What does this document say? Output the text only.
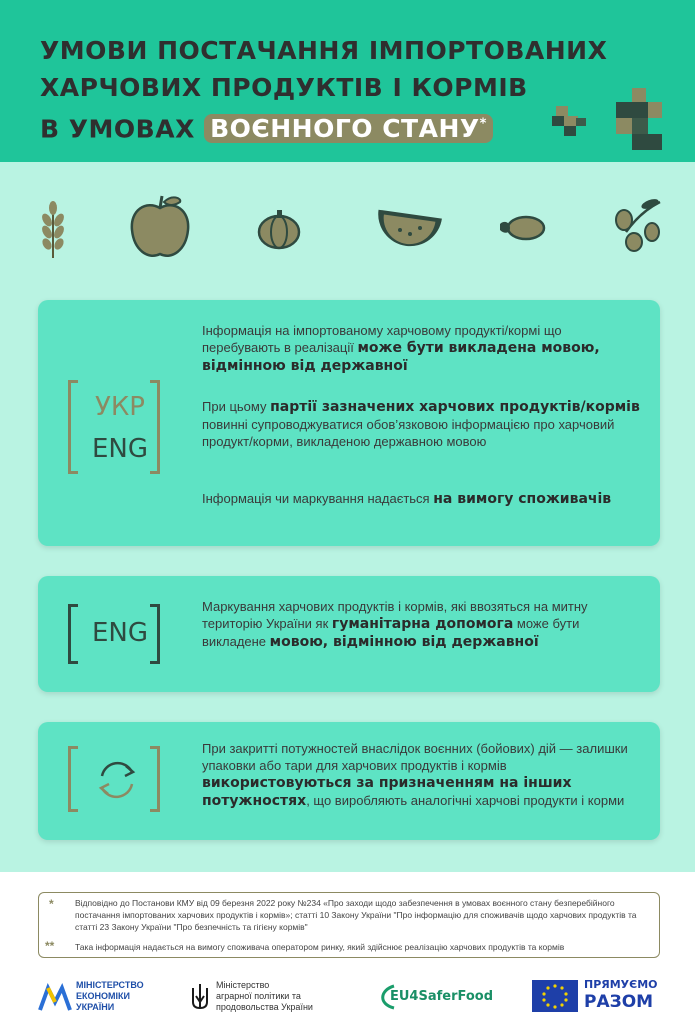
УМОВИ ПОСТАЧАННЯ ІМПОРТОВАНИХ
ХАРЧОВИХ ПРОДУКТІВ І КОРМІВ
В УМОВАХ ВОЄННОГО СТАНУ*
УКР
ENG

Інформація на імпортованому харчовому продукті/кормі що перебувають в реалізації може бути викладена мовою, відмінною від державної

При цьому партії зазначених харчових продуктів/кормів повинні супроводжуватися обов’язковою інформацією про харчовий продукт/корми, викладеною державною мовою

Інформація чи маркування надається на вимогу споживачів

ENG

Маркування харчових продуктів і кормів, які ввозяться на митну територію України як гуманітарна допомога може бути викладене мовою, відмінною від державної

При закритті потужностей внаслідок воєнних (бойових) дій — залишки упаковки або тари для харчових продуктів і кормів використовуються за призначенням на інших потужностях, що виробляють аналогічні харчові продукти і корми

*	Відповідно до Постанови КМУ від 09 березня 2022 року №234 «Про заходи щодо забезпечення в умовах воєнного стану безперебійного постачання імпортованих харчових продуктів і кормів»; статті 10 Закону України "Про інформацію для споживачів щодо харчових продуктів та статті 23 Закону України "Про безпечність та гігієну кормів"
** Така інформація надається на вимогу споживача оператором ринку, який здійснює реалізацію харчових продуктів та кормів
МІНІСТЕРСТВО
ЕКОНОМІКИ
УКРАЇНИ
Міністерство
аграрної політики та
продовольства України
EU4SaferFood
ПРЯМУЄМО
РАЗОМ
